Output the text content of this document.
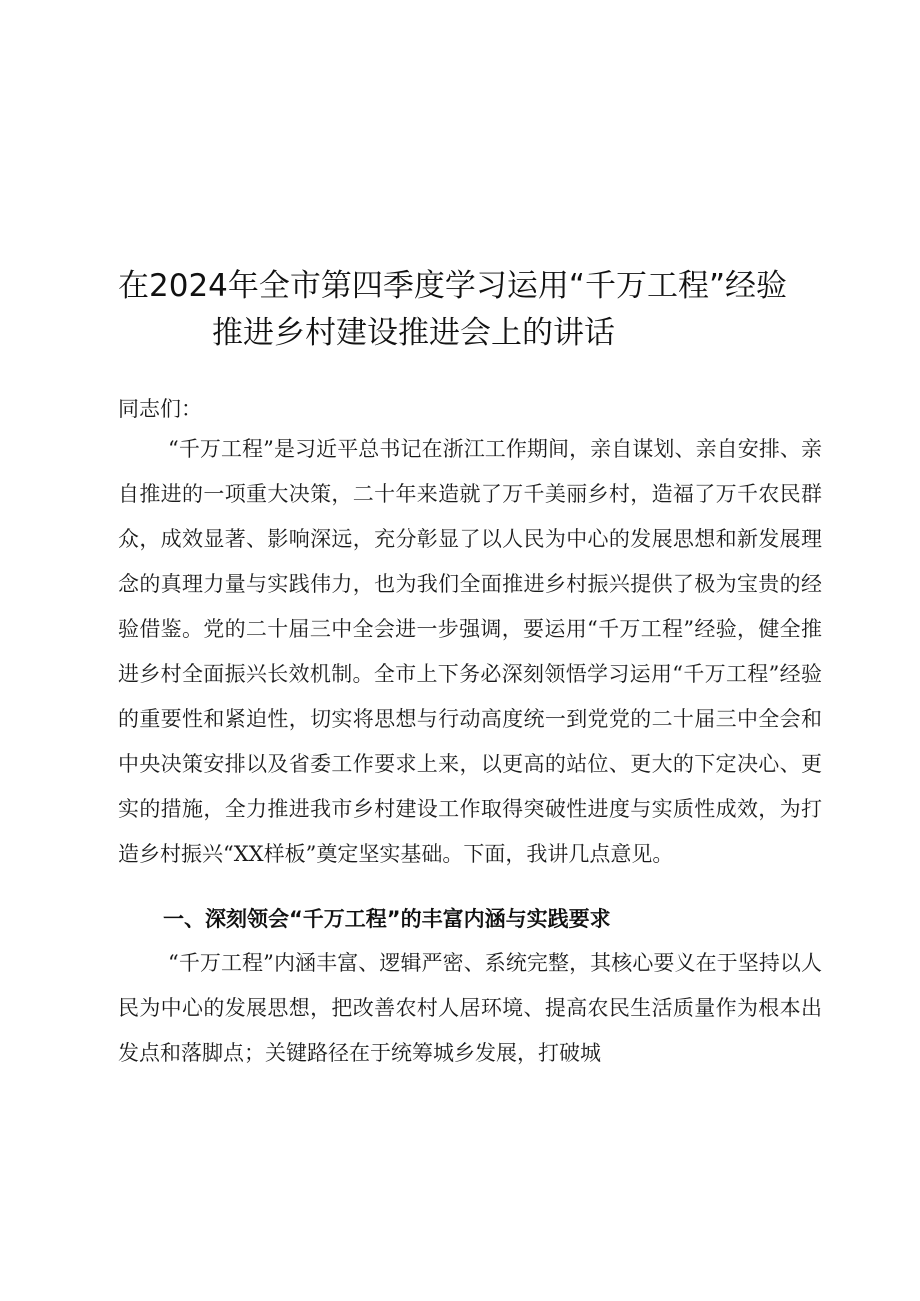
在2024年全市第四季度学习运用“千万工程”经验
推进乡村建设推进会上的讲话
同志们：
“千万工程”是习近平总书记在浙江工作期间，亲自谋划、亲自安排、亲自推进的一项重大决策，二十年来造就了万千美丽乡村，造福了万千农民群众，成效显著、影响深远，充分彰显了以人民为中心的发展思想和新发展理念的真理力量与实践伟力，也为我们全面推进乡村振兴提供了极为宝贵的经验借鉴。党的二十届三中全会进一步强调，要运用“千万工程”经验，健全推进乡村全面振兴长效机制。全市上下务必深刻领悟学习运用“千万工程”经验的重要性和紧迫性，切实将思想与行动高度统一到党党的二十届三中全会和中央决策安排以及省委工作要求上来，以更高的站位、更大的下定决心、更实的措施，全力推进我市乡村建设工作取得突破性进度与实质性成效，为打造乡村振兴“XX样板”奠定坚实基础。下面，我讲几点意见。
一、深刻领会“千万工程”的丰富内涵与实践要求
“千万工程”内涵丰富、逻辑严密、系统完整，其核心要义在于坚持以人民为中心的发展思想，把改善农村人居环境、提高农民生活质量作为根本出发点和落脚点；关键路径在于统筹城乡发展，打破城
